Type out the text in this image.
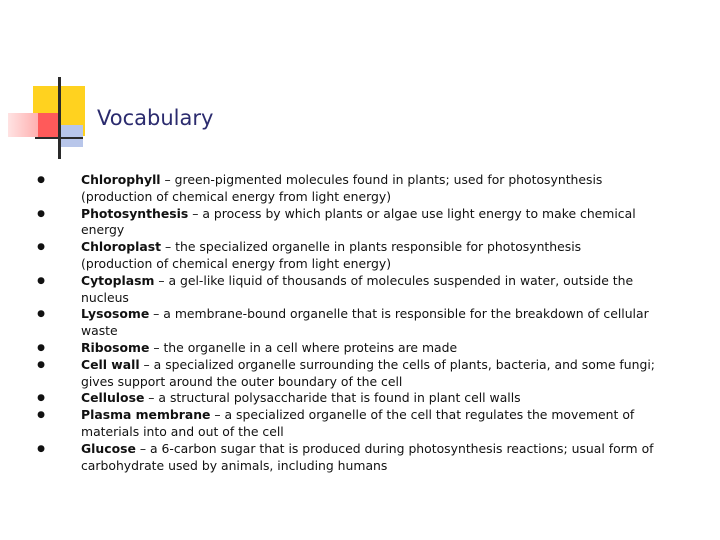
Vocabulary
●	Chlorophyll – green-pigmented molecules found in plants; used for photosynthesis (production of chemical energy from light energy)
●	Photosynthesis – a process by which plants or algae use light energy to make chemical energy
●	Chloroplast – the specialized organelle in plants responsible for photosynthesis (production of chemical energy from light energy)
●	Cytoplasm – a gel-like liquid of thousands of molecules suspended in water, outside the nucleus
●	Lysosome – a membrane-bound organelle that is responsible for the breakdown of cellular waste
●	Ribosome – the organelle in a cell where proteins are made
●	Cell wall – a specialized organelle surrounding the cells of plants, bacteria, and some fungi; gives support around the outer boundary of the cell
●	Cellulose – a structural polysaccharide that is found in plant cell walls
●	Plasma membrane – a specialized organelle of the cell that regulates the movement of materials into and out of the cell
●	Glucose – a 6-carbon sugar that is produced during photosynthesis reactions; usual form of carbohydrate used by animals, including humans
